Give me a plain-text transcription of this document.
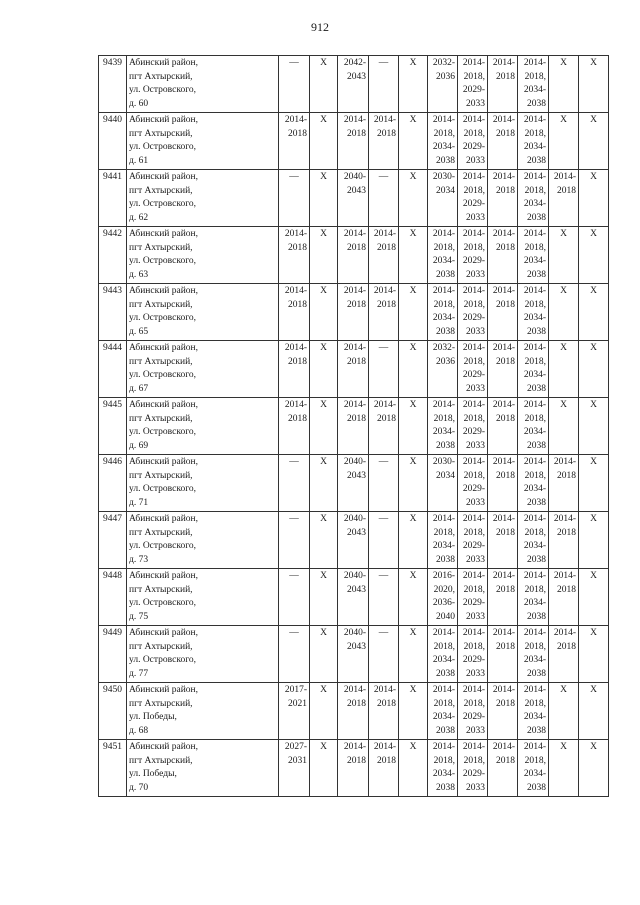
912
9439	Абинский район,
пгт Ахтырский,
ул. Островского,
д. 60	—	Х	2042-
2043	—	Х	2032-
2036	2014-
2018,
2029-
2033	2014-
2018	2014-
2018,
2034-
2038	Х	Х

9440	Абинский район,
пгт Ахтырский,
ул. Островского,
д. 61	2014-
2018	Х	2014-
2018	2014-
2018	Х	2014-
2018,
2034-
2038	2014-
2018,
2029-
2033	2014-
2018	2014-
2018,
2034-
2038	Х	Х

9441	Абинский район,
пгт Ахтырский,
ул. Островского,
д. 62	—	Х	2040-
2043	—	Х	2030-
2034	2014-
2018,
2029-
2033	2014-
2018	2014-
2018,
2034-
2038	2014-
2018	Х

9442	Абинский район,
пгт Ахтырский,
ул. Островского,
д. 63	2014-
2018	Х	2014-
2018	2014-
2018	Х	2014-
2018,
2034-
2038	2014-
2018,
2029-
2033	2014-
2018	2014-
2018,
2034-
2038	Х	Х

9443	Абинский район,
пгт Ахтырский,
ул. Островского,
д. 65	2014-
2018	Х	2014-
2018	2014-
2018	Х	2014-
2018,
2034-
2038	2014-
2018,
2029-
2033	2014-
2018	2014-
2018,
2034-
2038	Х	Х

9444	Абинский район,
пгт Ахтырский,
ул. Островского,
д. 67	2014-
2018	Х	2014-
2018	—	Х	2032-
2036	2014-
2018,
2029-
2033	2014-
2018	2014-
2018,
2034-
2038	Х	Х

9445	Абинский район,
пгт Ахтырский,
ул. Островского,
д. 69	2014-
2018	Х	2014-
2018	2014-
2018	Х	2014-
2018,
2034-
2038	2014-
2018,
2029-
2033	2014-
2018	2014-
2018,
2034-
2038	Х	Х

9446	Абинский район,
пгт Ахтырский,
ул. Островского,
д. 71	—	Х	2040-
2043	—	Х	2030-
2034	2014-
2018,
2029-
2033	2014-
2018	2014-
2018,
2034-
2038	2014-
2018	Х

9447	Абинский район,
пгт Ахтырский,
ул. Островского,
д. 73	—	Х	2040-
2043	—	Х	2014-
2018,
2034-
2038	2014-
2018,
2029-
2033	2014-
2018	2014-
2018,
2034-
2038	2014-
2018	Х

9448	Абинский район,
пгт Ахтырский,
ул. Островского,
д. 75	—	Х	2040-
2043	—	Х	2016-
2020,
2036-
2040	2014-
2018,
2029-
2033	2014-
2018	2014-
2018,
2034-
2038	2014-
2018	Х

9449	Абинский район,
пгт Ахтырский,
ул. Островского,
д. 77	—	Х	2040-
2043	—	Х	2014-
2018,
2034-
2038	2014-
2018,
2029-
2033	2014-
2018	2014-
2018,
2034-
2038	2014-
2018	Х

9450	Абинский район,
пгт Ахтырский,
ул. Победы,
д. 68	2017-
2021	Х	2014-
2018	2014-
2018	Х	2014-
2018,
2034-
2038	2014-
2018,
2029-
2033	2014-
2018	2014-
2018,
2034-
2038	Х	Х

9451	Абинский район,
пгт Ахтырский,
ул. Победы,
д. 70	2027-
2031	Х	2014-
2018	2014-
2018	Х	2014-
2018,
2034-
2038	2014-
2018,
2029-
2033	2014-
2018	2014-
2018,
2034-
2038	Х	Х
